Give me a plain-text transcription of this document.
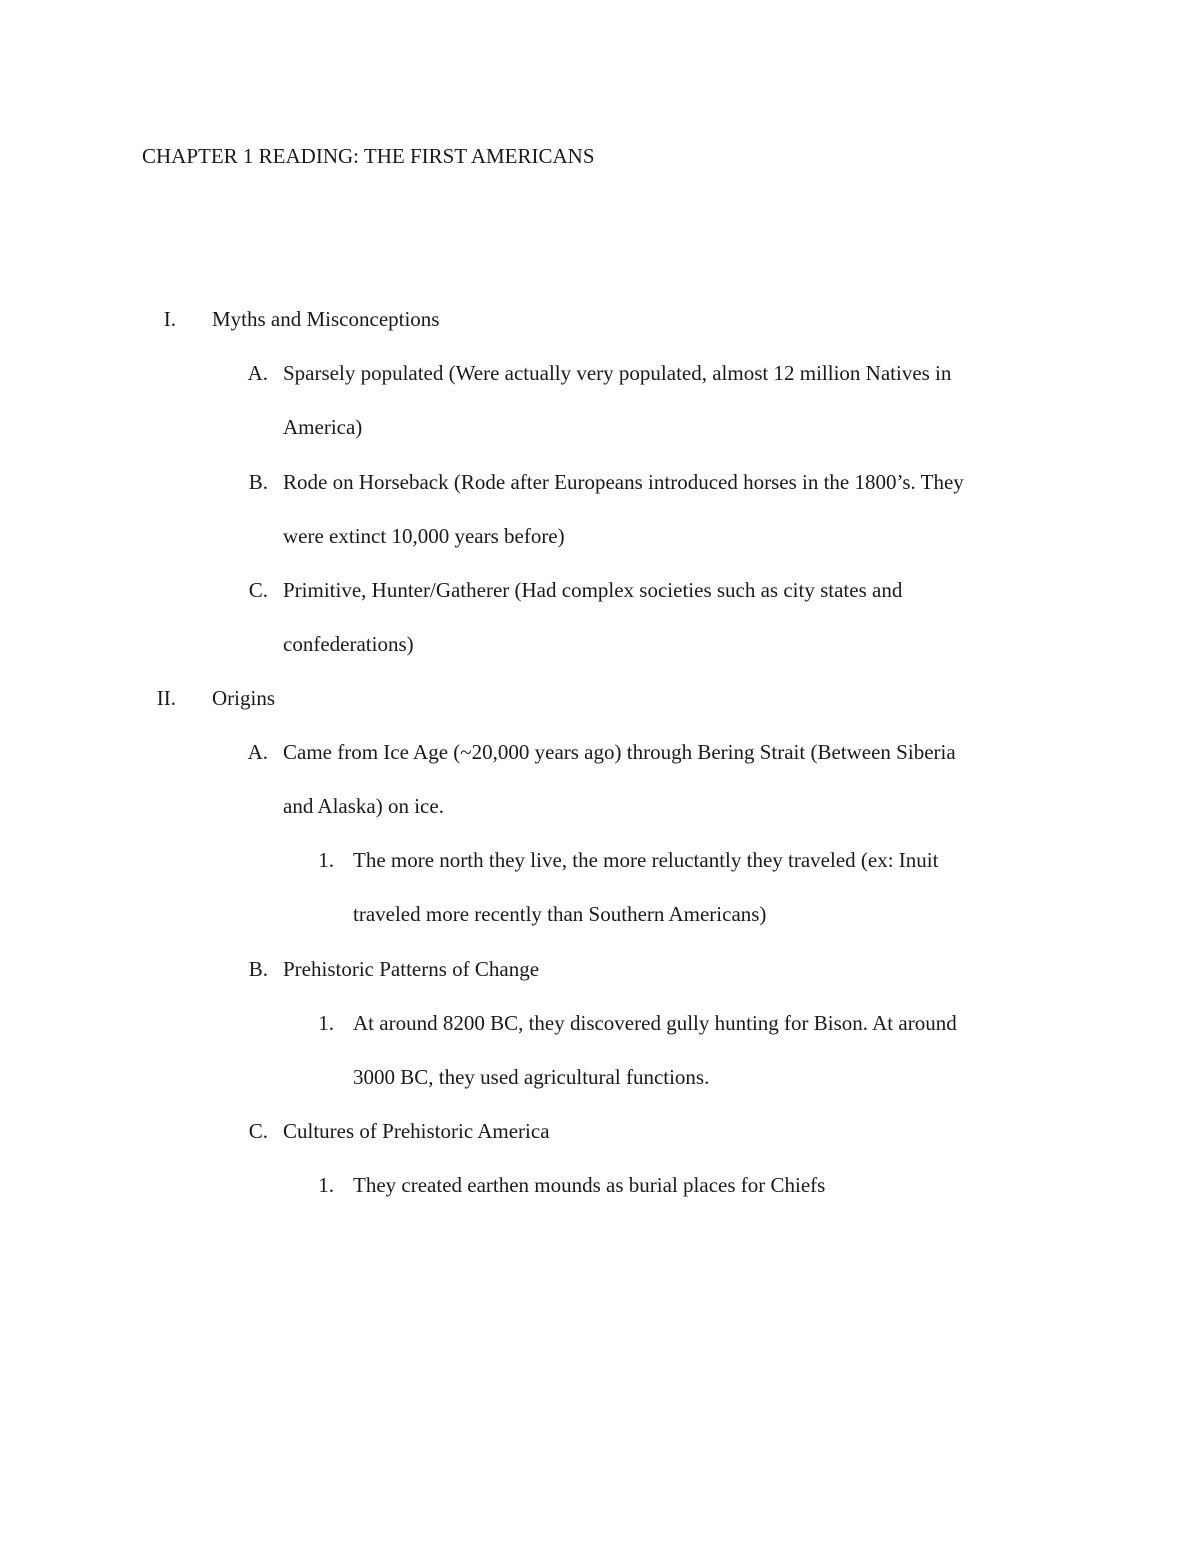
CHAPTER 1 READING: THE FIRST AMERICANS
I. Myths and Misconceptions
A. Sparsely populated (Were actually very populated, almost 12 million Natives in
America)
B. Rode on Horseback (Rode after Europeans introduced horses in the 1800’s. They
were extinct 10,000 years before)
C. Primitive, Hunter/Gatherer (Had complex societies such as city states and
confederations)
II. Origins
A. Came from Ice Age (~20,000 years ago) through Bering Strait (Between Siberia
and Alaska) on ice.
1. The more north they live, the more reluctantly they traveled (ex: Inuit
traveled more recently than Southern Americans)
B. Prehistoric Patterns of Change
1. At around 8200 BC, they discovered gully hunting for Bison. At around
3000 BC, they used agricultural functions.
C. Cultures of Prehistoric America
1. They created earthen mounds as burial places for Chiefs
